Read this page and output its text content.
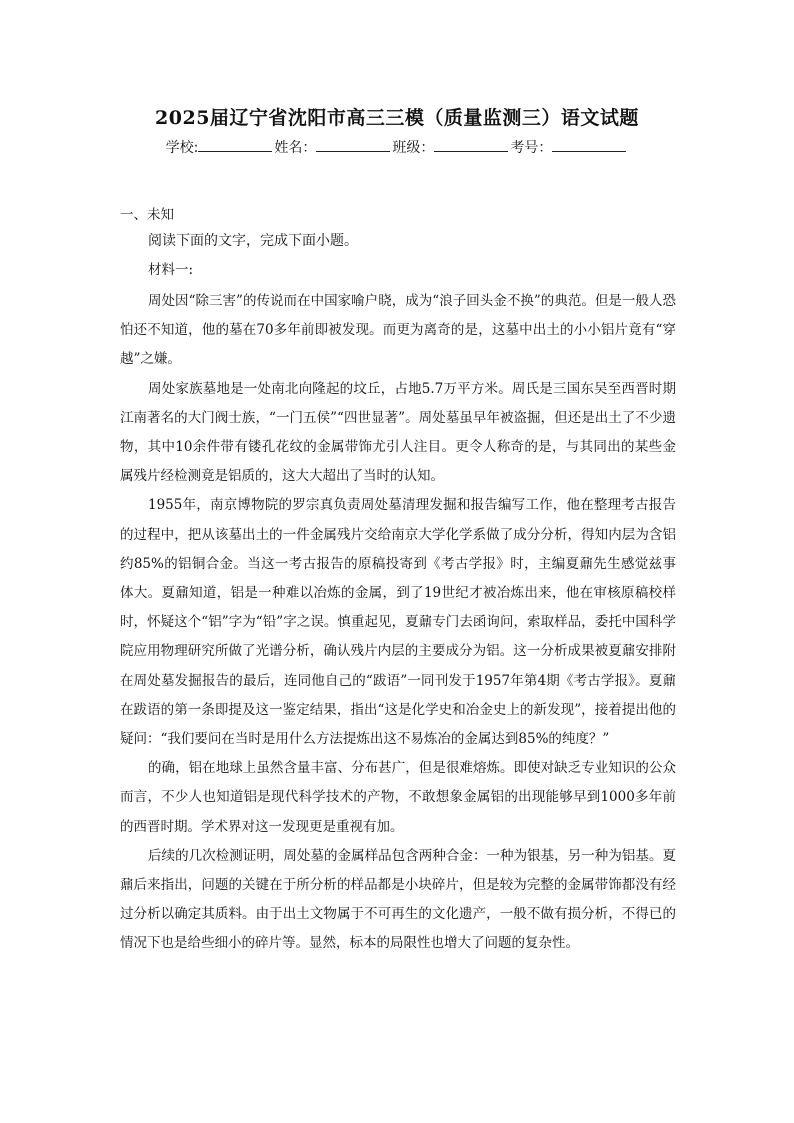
2025届辽宁省沈阳市高三三模（质量监测三）语文试题
学校:	姓名：	班级：	考号：
一、未知

阅读下面的文字，完成下面小题。

材料一:

周处因“除三害”的传说而在中国家喻户晓，成为“浪子回头金不换”的典范。但是一般人恐怕还不知道，他的墓在70多年前即被发现。而更为离奇的是，这墓中出土的小小铝片竟有“穿越”之嫌。

周处家族墓地是一处南北向隆起的坟丘，占地5.7万平方米。周氏是三国东吴至西晋时期江南著名的大门阀士族，“一门五侯”“四世显著”。周处墓虽早年被盗掘，但还是出土了不少遗物，其中10余件带有镂孔花纹的金属带饰尤引人注目。更令人称奇的是，与其同出的某些金属残片经检测竟是铝质的，这大大超出了当时的认知。

1955年，南京博物院的罗宗真负责周处墓清理发掘和报告编写工作，他在整理考古报告的过程中，把从该墓出土的一件金属残片交给南京大学化学系做了成分分析，得知内层为含铝约85%的铝铜合金。当这一考古报告的原稿投寄到《考古学报》时，主编夏鼐先生感觉兹事体大。夏鼐知道，铝是一种难以冶炼的金属，到了19世纪才被冶炼出来，他在审核原稿校样时，怀疑这个“铝”字为“铅”字之误。慎重起见，夏鼐专门去函询问，索取样品，委托中国科学院应用物理研究所做了光谱分析，确认残片内层的主要成分为铝。这一分析成果被夏鼐安排附在周处墓发掘报告的最后，连同他自己的“跋语”一同刊发于1957年第4期《考古学报》。夏鼐在跋语的第一条即提及这一鉴定结果，指出“这是化学史和冶金史上的新发现”，接着提出他的疑问：“我们要问在当时是用什么方法提炼出这不易炼冶的金属达到85%的纯度？”

的确，铝在地球上虽然含量丰富、分布甚广，但是很难熔炼。即使对缺乏专业知识的公众而言，不少人也知道铝是现代科学技术的产物，不敢想象金属铝的出现能够早到1000多年前的西晋时期。学术界对这一发现更是重视有加。

后续的几次检测证明，周处墓的金属样品包含两种合金：一种为银基，另一种为铝基。夏鼐后来指出，问题的关键在于所分析的样品都是小块碎片，但是较为完整的金属带饰都没有经过分析以确定其质料。由于出土文物属于不可再生的文化遗产，一般不做有损分析，不得已的情况下也是给些细小的碎片等。显然，标本的局限性也增大了问题的复杂性。
